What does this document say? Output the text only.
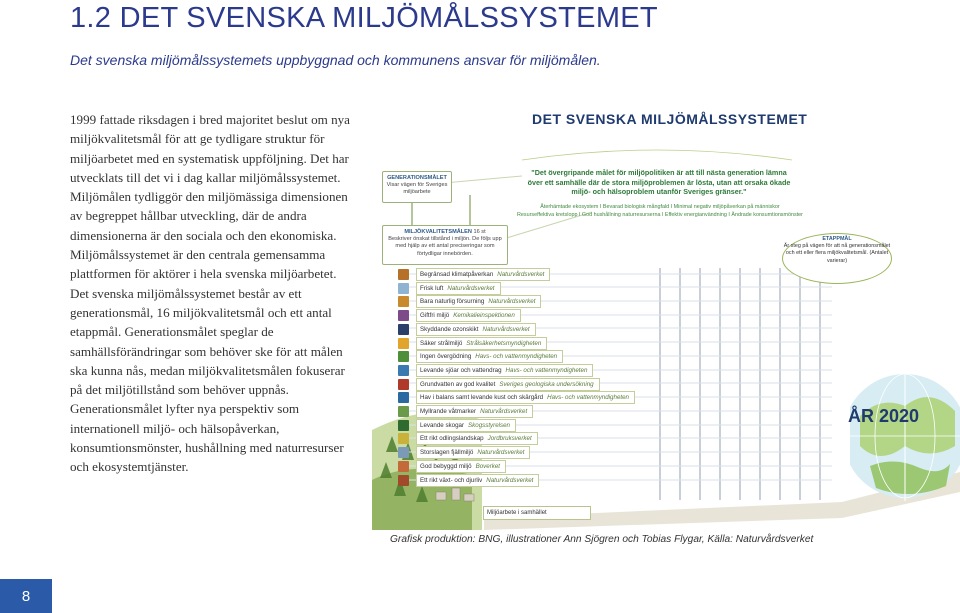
1.2 DET SVENSKA MILJÖMÅLSSYSTEMET
Det svenska miljömålssystemets uppbyggnad och kommunens ansvar för miljömålen.

1999 fattade riksdagen i bred majoritet beslut om nya miljökvalitetsmål för att ge tydligare struktur för miljöarbetet med en systematisk uppföljning. Det har utvecklats till det vi i dag kallar miljömålssystemet.

Miljömålen tydliggör den miljömässiga dimensionen av begreppet hållbar utveckling, där de andra dimensionerna är den sociala och den ekonomiska.

Miljömålssystemet är den centrala gemensamma plattformen för aktörer i hela svenska miljöarbetet.

Det svenska miljömålssystemet består av ett generationsmål, 16 miljökvalitetsmål och ett antal etappmål. Generationsmålet speglar de samhällsförändringar som behöver ske för att målen ska kunna nås, medan miljökvalitetsmålen fokuserar på det miljötillstånd som behöver uppnås. Generationsmålet lyfter nya perspektiv som internationell miljö- och hälsopåverkan, konsumtionsmönster, hushållning med naturresurser och ekosystemtjänster.

DET SVENSKA MILJÖMÅLSSYSTEMET
"Det övergripande målet för miljöpolitiken är att till nästa generation lämna över ett samhälle där de stora miljöproblemen är lösta, utan att orsaka ökade miljö- och hälsoproblem utanför Sveriges gränser."
Återhämtade ekosystem I Bevarad biologisk mångfald I Minimal negativ miljöpåverkan på människor
Resurseffektiva kretslopp I God hushållning naturresurserna I Effektiv energianvändning I Ändrade konsumtionsmönster
GENERATIONSMÅLET
Visar vägen för Sveriges miljöarbete
MILJÖKVALITETSMÅLEN 16 st
Beskriver önskat tillstånd i miljön. De följs upp med hjälp av ett antal preciseringar som förtydligar innebörden.
ETAPPMÅL
Är steg på vägen för att nå generationsmålet och ett eller flera miljökvalitetsmål. (Antalet varierar)
ÅR 2020
Begränsad klimatpåverkan Naturvårdsverket
Frisk luft Naturvårdsverket
Bara naturlig försurning Naturvårdsverket
Giftfri miljö Kemikalieinspektionen
Skyddande ozonskikt Naturvårdsverket
Säker strålmiljö Strålsäkerhetsmyndigheten
Ingen övergödning Havs- och vattenmyndigheten
Levande sjöar och vattendrag Havs- och vattenmyndigheten
Grundvatten av god kvalitet Sveriges geologiska undersökning
Hav i balans samt levande kust och skärgård Havs- och vattenmyndigheten
Myllrande våtmarker Naturvårdsverket
Levande skogar Skogsstyrelsen
Ett rikt odlingslandskap Jordbruksverket
Storslagen fjällmiljö Naturvårdsverket
God bebyggd miljö Boverket
Ett rikt växt- och djurliv Naturvårdsverket
Miljöarbete i samhället
Grafisk produktion: BNG, illustrationer Ann Sjögren och Tobias Flygar, Källa: Naturvårdsverket
8
